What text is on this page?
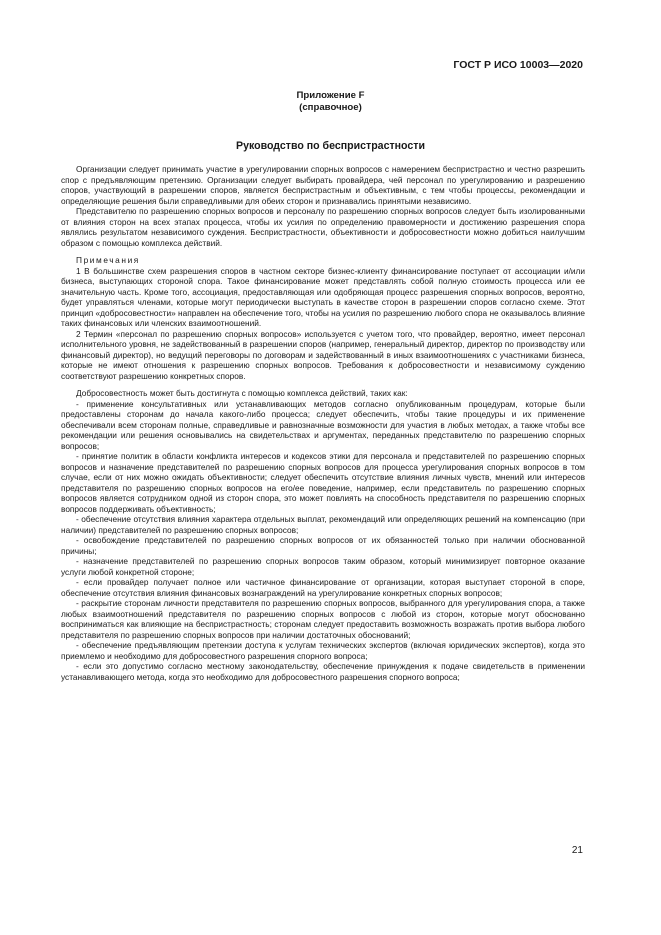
ГОСТ Р ИСО 10003—2020
Приложение F
(справочное)
Руководство по беспристрастности

Организации следует принимать участие в урегулировании спорных вопросов с намерением беспристрастно и честно разрешить спор с предъявляющим претензию. Организации следует выбирать провайдера, чей персонал по урегулированию и разрешению споров, участвующий в разрешении споров, является беспристрастным и объективным, с тем чтобы процессы, рекомендации и определяющие решения были справедливыми для обеих сторон и признавались принятыми независимо.

Представителю по разрешению спорных вопросов и персоналу по разрешению спорных вопросов следует быть изолированными от влияния сторон на всех этапах процесса, чтобы их усилия по определению правомерности и достижению разрешения спора являлись результатом независимого суждения. Беспристрастности, объективности и добросовестности можно добиться наилучшим образом с помощью комплекса действий.

Примечания

1 В большинстве схем разрешения споров в частном секторе бизнес-клиенту финансирование поступает от ассоциации и/или бизнеса, выступающих стороной спора. Такое финансирование может представлять собой полную стоимость процесса или ее значительную часть. Кроме того, ассоциация, предоставляющая или одобряющая процесс разрешения спорных вопросов, вероятно, будет управляться членами, которые могут периодически выступать в качестве сторон в разрешении споров согласно схеме. Этот принцип «добросовестности» направлен на обеспечение того, чтобы на усилия по разрешению любого спора не оказывалось влияние таких финансовых или членских взаимоотношений.

2 Термин «персонал по разрешению спорных вопросов» используется с учетом того, что провайдер, вероятно, имеет персонал исполнительного уровня, не задействованный в разрешении споров (например, генеральный директор, директор по производству или финансовый директор), но ведущий переговоры по договорам и задействованный в иных взаимоотношениях с участниками бизнеса, которые не имеют отношения к разрешению спорных вопросов. Требования к добросовестности и независимому суждению соответствуют разрешению конкретных споров.

Добросовестность может быть достигнута с помощью комплекса действий, таких как:

- применение консультативных или устанавливающих методов согласно опубликованным процедурам, которые были предоставлены сторонам до начала какого-либо процесса; следует обеспечить, чтобы такие процедуры и их применение обеспечивали всем сторонам полные, справедливые и равнозначные возможности для участия в любых методах, а также чтобы все рекомендации или решения основывались на свидетельствах и аргументах, переданных представителю по разрешению спорных вопросов;

- принятие политик в области конфликта интересов и кодексов этики для персонала и представителей по разрешению спорных вопросов и назначение представителей по разрешению спорных вопросов для процесса урегулирования спорных вопросов в том случае, если от них можно ожидать объективности; следует обеспечить отсутствие влияния личных чувств, мнений или интересов представителя по разрешению спорных вопросов на его/ее поведение, например, если представитель по разрешению спорных вопросов является сотрудником одной из сторон спора, это может повлиять на способность представителя по разрешению спорных вопросов поддерживать объективность;

- обеспечение отсутствия влияния характера отдельных выплат, рекомендаций или определяющих решений на компенсацию (при наличии) представителей по разрешению спорных вопросов;

- освобождение представителей по разрешению спорных вопросов от их обязанностей только при наличии обоснованной причины;

- назначение представителей по разрешению спорных вопросов таким образом, который минимизирует повторное оказание услуги любой конкретной стороне;

- если провайдер получает полное или частичное финансирование от организации, которая выступает стороной в споре, обеспечение отсутствия влияния финансовых вознаграждений на урегулирование конкретных спорных вопросов;

- раскрытие сторонам личности представителя по разрешению спорных вопросов, выбранного для урегулирования спора, а также любых взаимоотношений представителя по разрешению спорных вопросов с любой из сторон, которые могут обоснованно восприниматься как влияющие на беспристрастность; сторонам следует предоставить возможность возражать против выбора любого представителя по разрешению спорных вопросов при наличии достаточных обоснований;

- обеспечение предъявляющим претензии доступа к услугам технических экспертов (включая юридических экспертов), когда это приемлемо и необходимо для добросовестного разрешения спорного вопроса;

- если это допустимо согласно местному законодательству, обеспечение принуждения к подаче свидетельств в применении устанавливающего метода, когда это необходимо для добросовестного разрешения спорного вопроса;

21
